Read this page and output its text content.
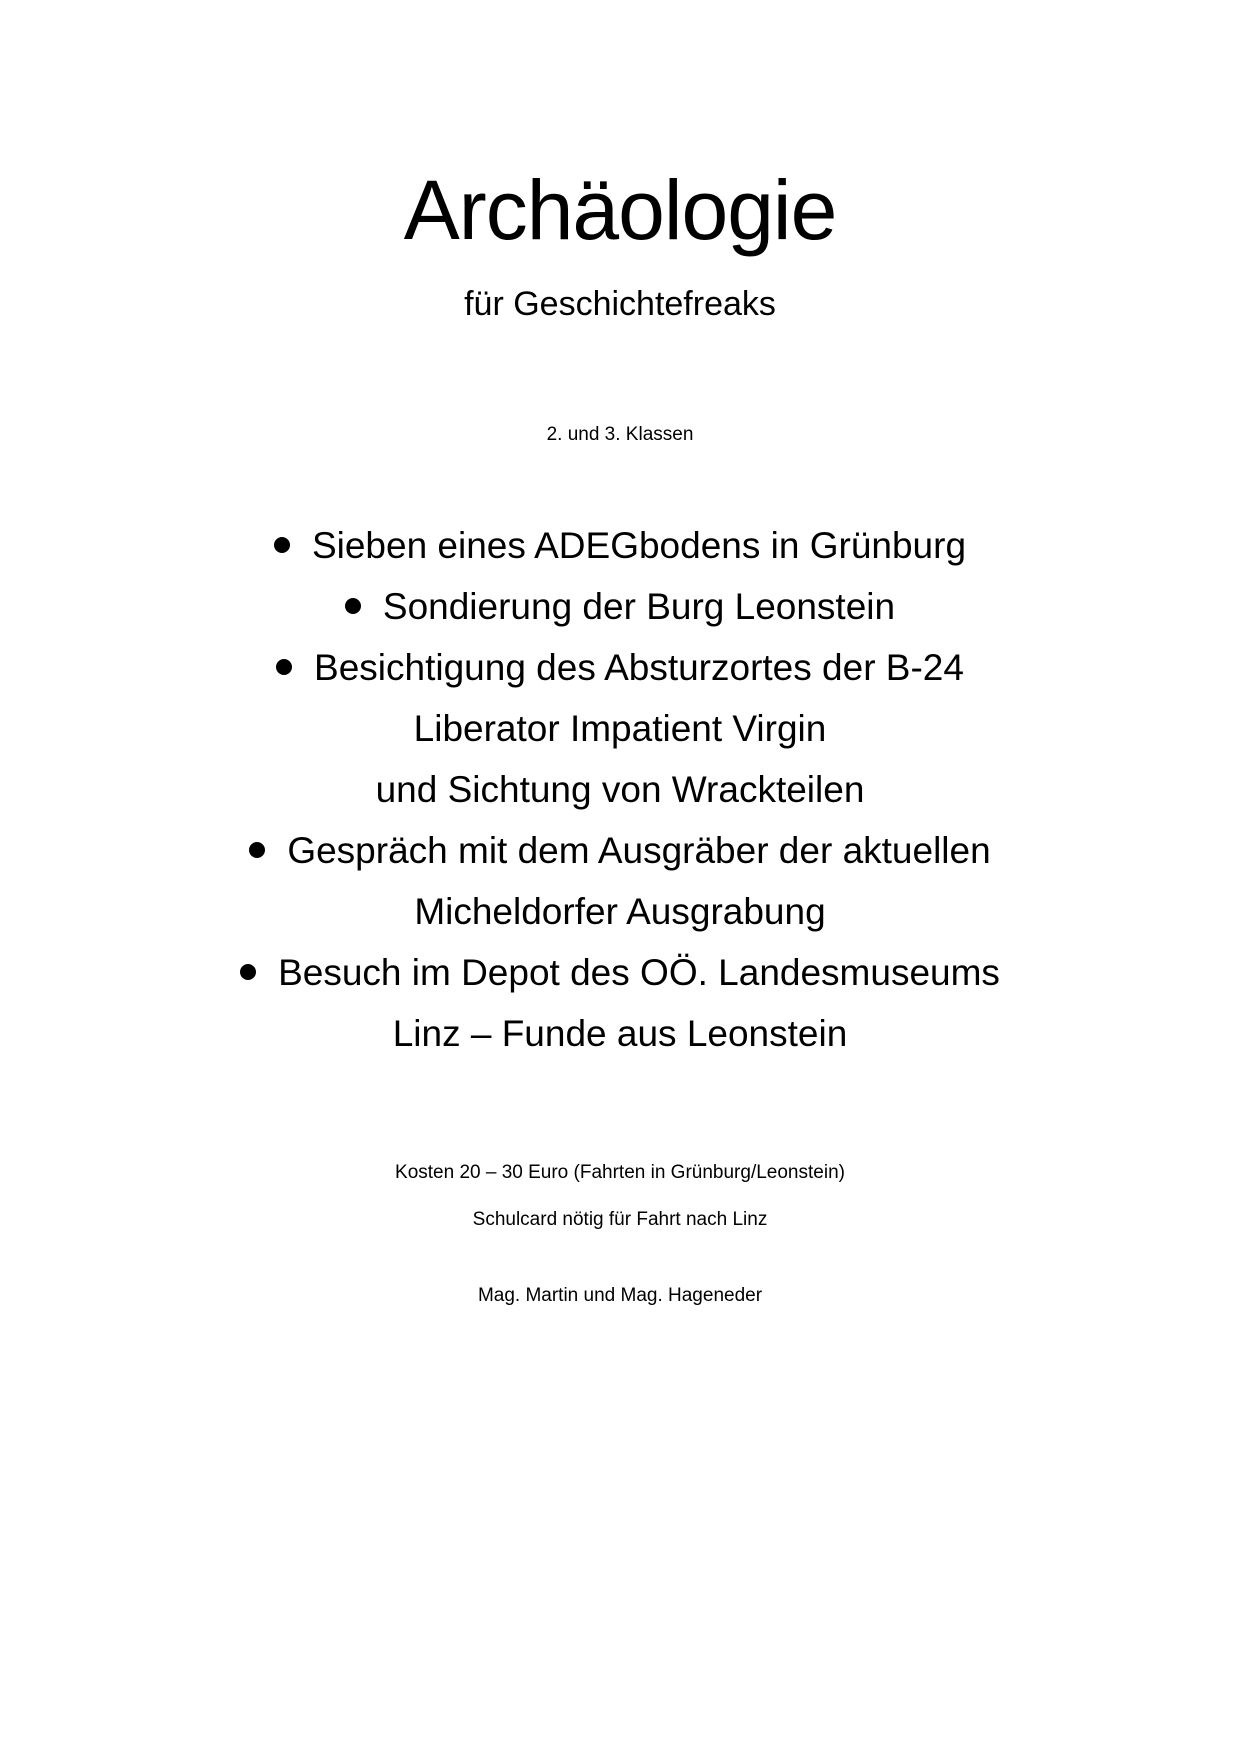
Archäologie
für Geschichtefreaks
2. und 3. Klassen
Sieben eines ADEGbodens in Grünburg
Sondierung der Burg Leonstein
Besichtigung des Absturzortes der B-24
Liberator Impatient Virgin
und Sichtung von Wrackteilen
Gespräch mit dem Ausgräber der aktuellen
Micheldorfer Ausgrabung
Besuch im Depot des OÖ. Landesmuseums
Linz – Funde aus Leonstein
Kosten 20 – 30 Euro (Fahrten in Grünburg/Leonstein)
Schulcard nötig für Fahrt nach Linz
Mag. Martin und Mag. Hageneder
